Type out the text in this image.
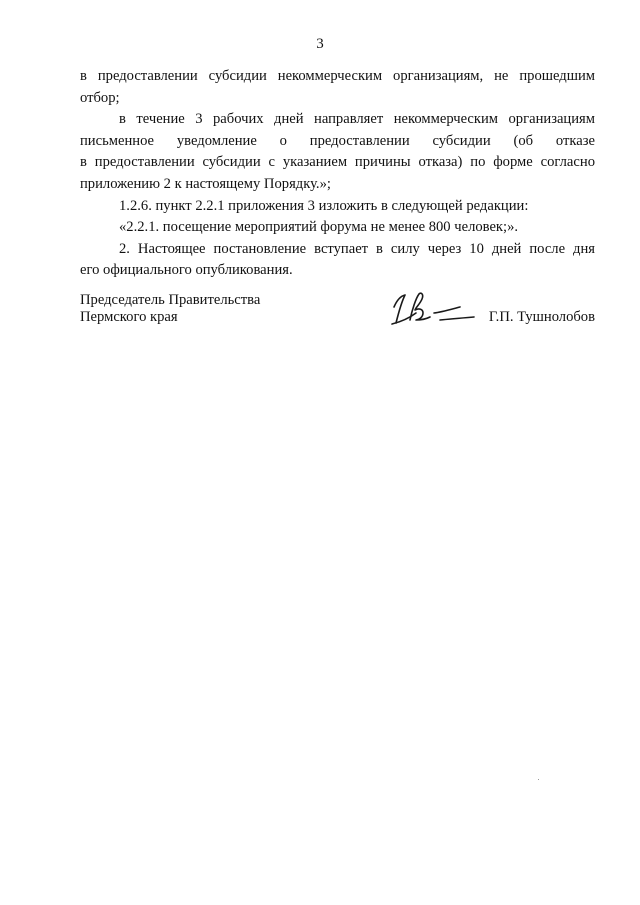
3

в предоставлении субсидии некоммерческим организациям, не прошедшим
отбор;

в течение 3 рабочих дней направляет некоммерческим организациям
письменное уведомление о предоставлении субсидии (об отказе
в предоставлении субсидии с указанием причины отказа) по форме согласно
приложению 2 к настоящему Порядку.»;

1.2.6. пункт 2.2.1 приложения 3 изложить в следующей редакции:

«2.2.1. посещение мероприятий форума не менее 800 человек;».

2. Настоящее постановление вступает в силу через 10 дней после дня
его официального опубликования.

Председатель Правительства
Пермского края	Г.П. Тушнолобов
